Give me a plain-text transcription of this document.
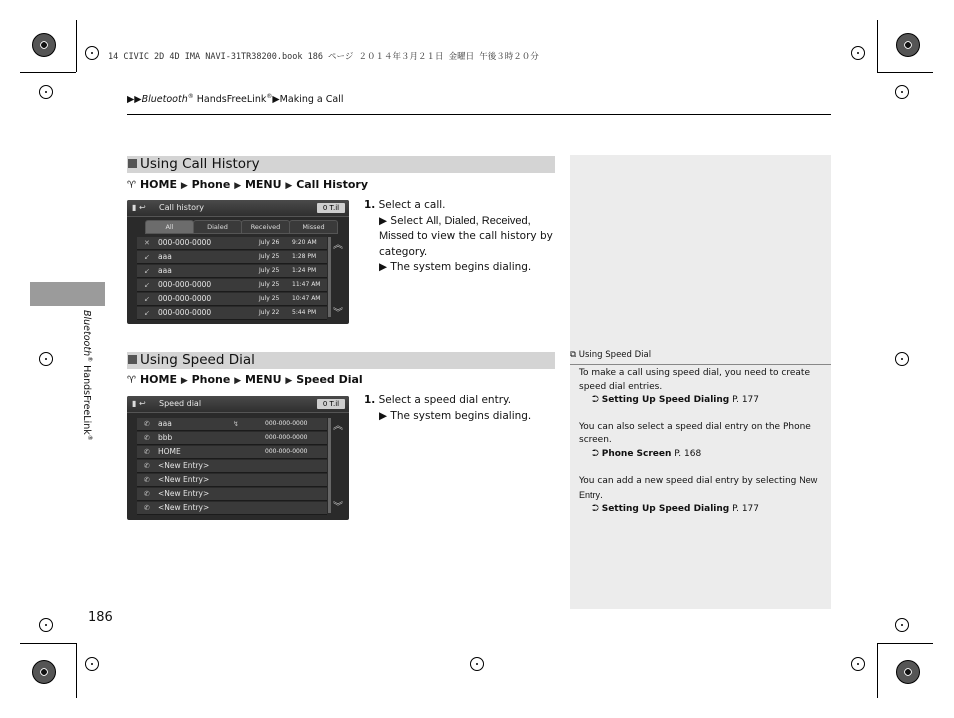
14 CIVIC 2D 4D IMA NAVI-31TR38200.book 186 ページ ２０１４年３月２１日 金曜日 午後３時２０分
▶▶Bluetooth® HandsFreeLink®▶Making a Call
Bluetooth® HandsFreeLink®
Using Call History
♈ HOME ▶ Phone ▶ MENU ▶ Call History
▮ ↩ Call history	0 T.il
All	Dialed	Received	Missed
✕ 000-000-0000	July 26 9:20 AM
↙ aaa	July 25 1:28 PM
↙ aaa	July 25 1:24 PM
↙ 000-000-0000	July 25 11:47 AM
↙ 000-000-0000	July 25 10:47 AM
↙ 000-000-0000	July 22 5:44 PM
︽
︾
1. Select a call.
▶ Select All, Dialed, Received, Missed to view the call history by category.
▶ The system begins dialing.
Using Speed Dial
♈ HOME ▶ Phone ▶ MENU ▶ Speed Dial
▮ ↩ Speed dial	0 T.il
✆ aaa	↯	000-000-0000
✆ bbb	000-000-0000
✆ HOME	000-000-0000
✆ <New Entry>
✆ <New Entry>
✆ <New Entry>
✆ <New Entry>
︽
︾
1. Select a speed dial entry.
▶ The system begins dialing.
⧉ Using Speed Dial
To make a call using speed dial, you need to create speed dial entries.
⮊ Setting Up Speed Dialing P. 177
You can also select a speed dial entry on the Phone screen.
⮊ Phone Screen P. 168
You can add a new speed dial entry by selecting New Entry.
⮊ Setting Up Speed Dialing P. 177
186
